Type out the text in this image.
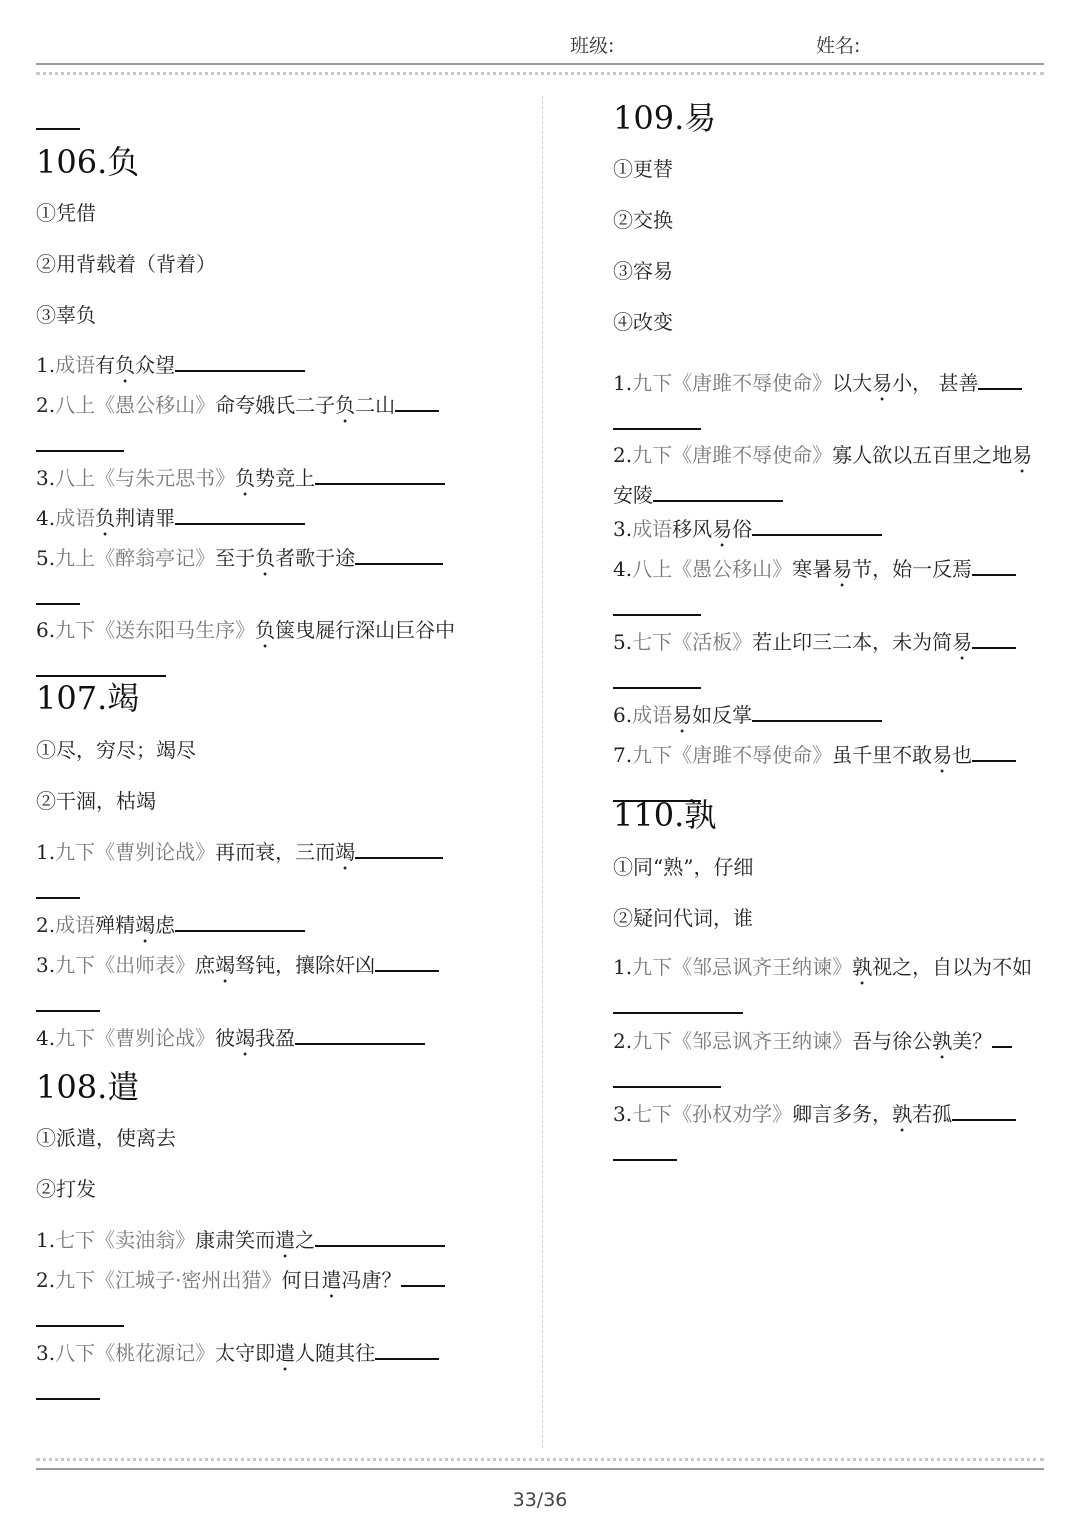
班级:	姓名:
106.负
①凭借
②用背载着（背着）
③辜负
1.成语有负众望
2.八上《愚公移山》命夸娥氏二子负二山
3.八上《与朱元思书》负势竞上
4.成语负荆请罪
5.九上《醉翁亭记》至于负者歌于途
6.九下《送东阳马生序》负箧曳屣行深山巨谷中
107.竭
①尽，穷尽；竭尽
②干涸，枯竭
1.九下《曹刿论战》再而衰，三而竭
2.成语殚精竭虑
3.九下《出师表》庶竭驽钝，攘除奸凶
4.九下《曹刿论战》彼竭我盈
108.遣
①派遣，使离去
②打发
1.七下《卖油翁》康肃笑而遣之
2.九下《江城子·密州出猎》何日遣冯唐？
3.八下《桃花源记》太守即遣人随其往
109.易
①更替
②交换
③容易
④改变
1.九下《唐雎不辱使命》以大易小， 甚善
2.九下《唐雎不辱使命》寡人欲以五百里之地易安陵
3.成语移风易俗
4.八上《愚公移山》寒暑易节，始一反焉
5.七下《活板》若止印三二本，未为简易
6.成语易如反掌
7.九下《唐雎不辱使命》虽千里不敢易也
110.孰
①同“熟”，仔细
②疑问代词，谁
1.九下《邹忌讽齐王纳谏》孰视之，自以为不如
2.九下《邹忌讽齐王纳谏》吾与徐公孰美？
3.七下《孙权劝学》卿言多务，孰若孤
33/36
